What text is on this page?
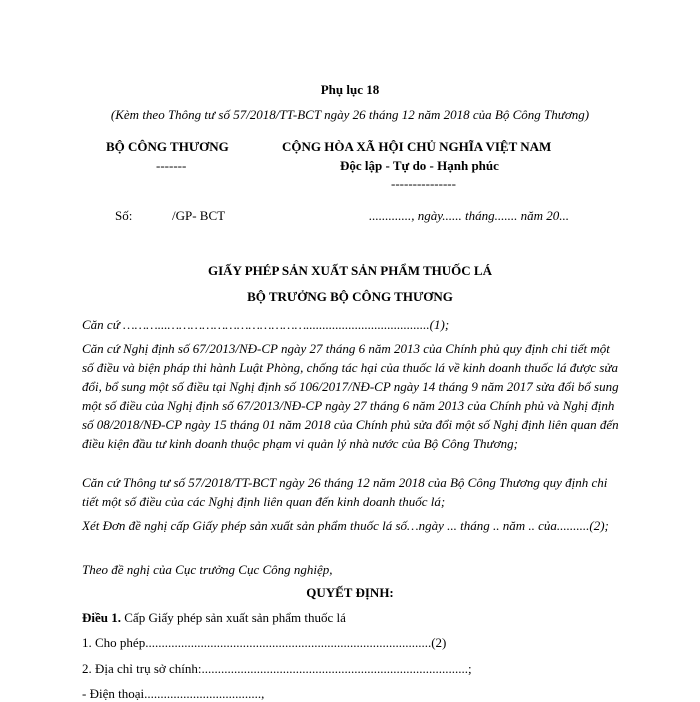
Phụ lục 18
(Kèm theo Thông tư số 57/2018/TT-BCT ngày 26 tháng 12 năm 2018 của Bộ Công Thương)
BỘ CÔNG THƯƠNG
-------
CỘNG HÒA XÃ HỘI CHỦ NGHĨA VIỆT NAM
Độc lập - Tự do - Hạnh phúc
---------------
Số:	/GP- BCT	............., ngày...... tháng....... năm 20...
GIẤY PHÉP SẢN XUẤT SẢN PHẨM THUỐC LÁ
BỘ TRƯỞNG BỘ CÔNG THƯƠNG
Căn cứ ………...………………………………......................................(1);
Căn cứ Nghị định số 67/2013/NĐ-CP ngày 27 tháng 6 năm 2013 của Chính phủ quy định chi tiết một số điều và biện pháp thi hành Luật Phòng, chống tác hại của thuốc lá về kinh doanh thuốc lá được sửa đổi, bổ sung một số điều tại Nghị định số 106/2017/NĐ-CP ngày 14 tháng 9 năm 2017 sửa đổi bổ sung một số điều của Nghị định số 67/2013/NĐ-CP ngày 27 tháng 6 năm 2013 của Chính phủ và Nghị định số 08/2018/NĐ-CP ngày 15 tháng 01 năm 2018 của Chính phủ sửa đổi một số Nghị định liên quan đến điều kiện đầu tư kinh doanh thuộc phạm vi quản lý nhà nước của Bộ Công Thương;
Căn cứ Thông tư số 57/2018/TT-BCT ngày 26 tháng 12 năm 2018 của Bộ Công Thương quy định chi tiết một số điều của các Nghị định liên quan đến kinh doanh thuốc lá;
Xét Đơn đề nghị cấp Giấy phép sản xuất sản phẩm thuốc lá số…ngày ... tháng .. năm .. của..........(2);
Theo đề nghị của Cục trưởng Cục Công nghiệp,
QUYẾT ĐỊNH:
Điều 1. Cấp Giấy phép sản xuất sản phẩm thuốc lá
1. Cho phép........................................................................................(2)
2. Địa chỉ trụ sở chính:..................................................................................;
- Điện thoại....................................,
